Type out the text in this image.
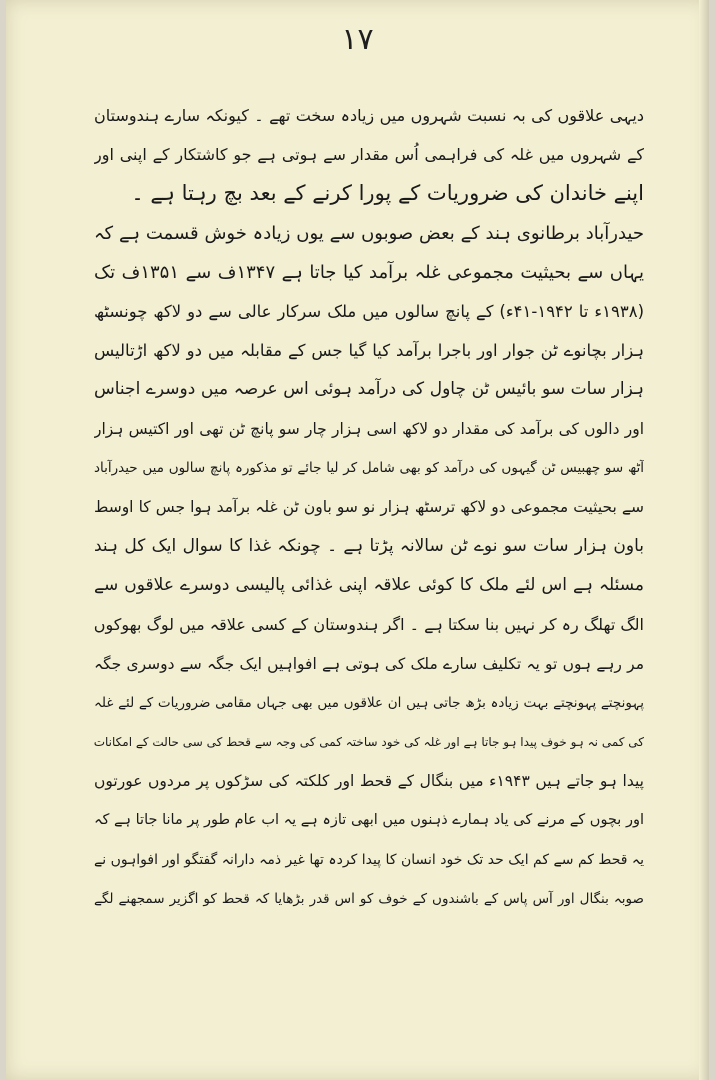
۱۷
دیہی علاقوں کی بہ نسبت شہروں میں زیادہ سخت تھے ۔ کیونکہ سارے ہندوستان
کے شہروں میں غلہ کی فراہمی اُس مقدار سے ہوتی ہے جو کاشتکار کے اپنی اور
اپنے خاندان کی ضروریات کے پورا کرنے کے بعد بچ رہتا ہے ۔
حیدرآباد برطانوی ہند کے بعض صوبوں سے یوں زیادہ خوش قسمت ہے کہ
یہاں سے بحیثیت مجموعی غلہ برآمد کیا جاتا ہے ۱۳۴۷ف سے ۱۳۵۱ف تک
(۱۹۳۸ء تا ۱۹۴۲-۴۱ء) کے پانچ سالوں میں ملک سرکار عالی سے دو لاکھ چونسٹھ
ہزار بچانوے ٹن جوار اور باجرا برآمد کیا گیا جس کے مقابلہ میں دو لاکھ اڑتالیس
ہزار سات سو بائیس ٹن چاول کی درآمد ہوئی اس عرصہ میں دوسرے اجناس
اور دالوں کی برآمد کی مقدار دو لاکھ اسی ہزار چار سو پانچ ٹن تھی اور اکتیس ہزار
آٹھ سو چھبیس ٹن گیہوں کی درآمد کو بھی شامل کر لیا جائے تو مذکورہ پانچ سالوں میں حیدرآباد
سے بحیثیت مجموعی دو لاکھ ترسٹھ ہزار نو سو باون ٹن غلہ برآمد ہوا جس کا اوسط
باون ہزار سات سو نوے ٹن سالانہ پڑتا ہے ۔ چونکہ غذا کا سوال ایک کل ہند
مسئلہ ہے اس لئے ملک کا کوئی علاقہ اپنی غذائی پالیسی دوسرے علاقوں سے
الگ تھلگ رہ کر نہیں بنا سکتا ہے ۔ اگر ہندوستان کے کسی علاقہ میں لوگ بھوکوں
مر رہے ہوں تو یہ تکلیف سارے ملک کی ہوتی ہے افواہیں ایک جگہ سے دوسری جگہ
پہونچتے پہونچتے بہت زیادہ بڑھ جاتی ہیں ان علاقوں میں بھی جہاں مقامی ضروریات کے لئے غلہ
کی کمی نہ ہو خوف پیدا ہو جاتا ہے اور غلہ کی خود ساختہ کمی کی وجہ سے قحط کی سی حالت کے امکانات
پیدا ہو جاتے ہیں ۱۹۴۳ء میں بنگال کے قحط اور کلکتہ کی سڑکوں پر مردوں عورتوں
اور بچوں کے مرنے کی یاد ہمارے ذہنوں میں ابھی تازہ ہے یہ اب عام طور پر مانا جاتا ہے کہ
یہ قحط کم سے کم ایک حد تک خود انسان کا پیدا کردہ تھا غیر ذمہ دارانہ گفتگو اور افواہوں نے
صوبہ بنگال اور آس پاس کے باشندوں کے خوف کو اس قدر بڑھایا کہ قحط کو اگزیر سمجھنے لگے
